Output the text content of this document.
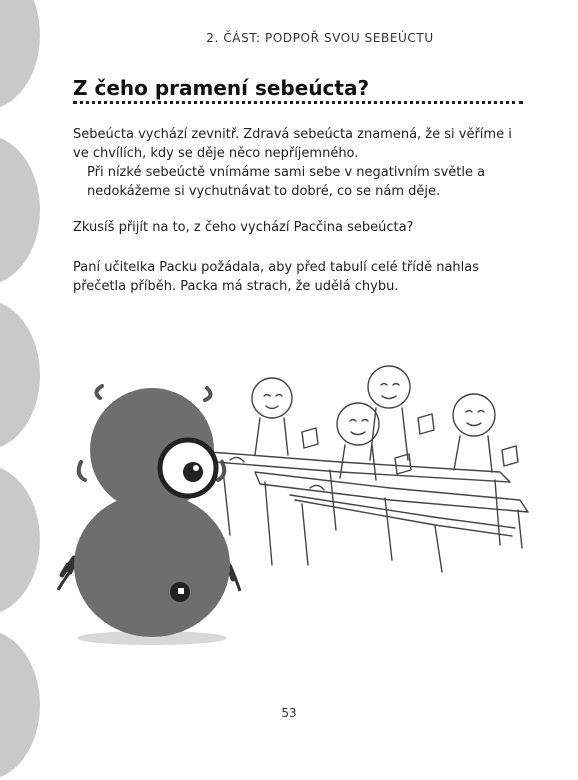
2. ČÁST: PODPOŘ SVOU SEBEÚCTU
Z čeho pramení sebeúcta?

Sebeúcta vychází zevnitř. Zdravá sebeúcta znamená, že si věříme i ve chvílích, kdy se děje něco nepříjemného.

Při nízké sebeúctě vnímáme sami sebe v negativním světle a nedokážeme si vychutnávat to dobré, co se nám děje.

Zkusíš přijít na to, z čeho vychází Pacčina sebeúcta?

Paní učitelka Packu požádala, aby před tabulí celé třídě nahlas přečetla příběh. Packa má strach, že udělá chybu.

53
